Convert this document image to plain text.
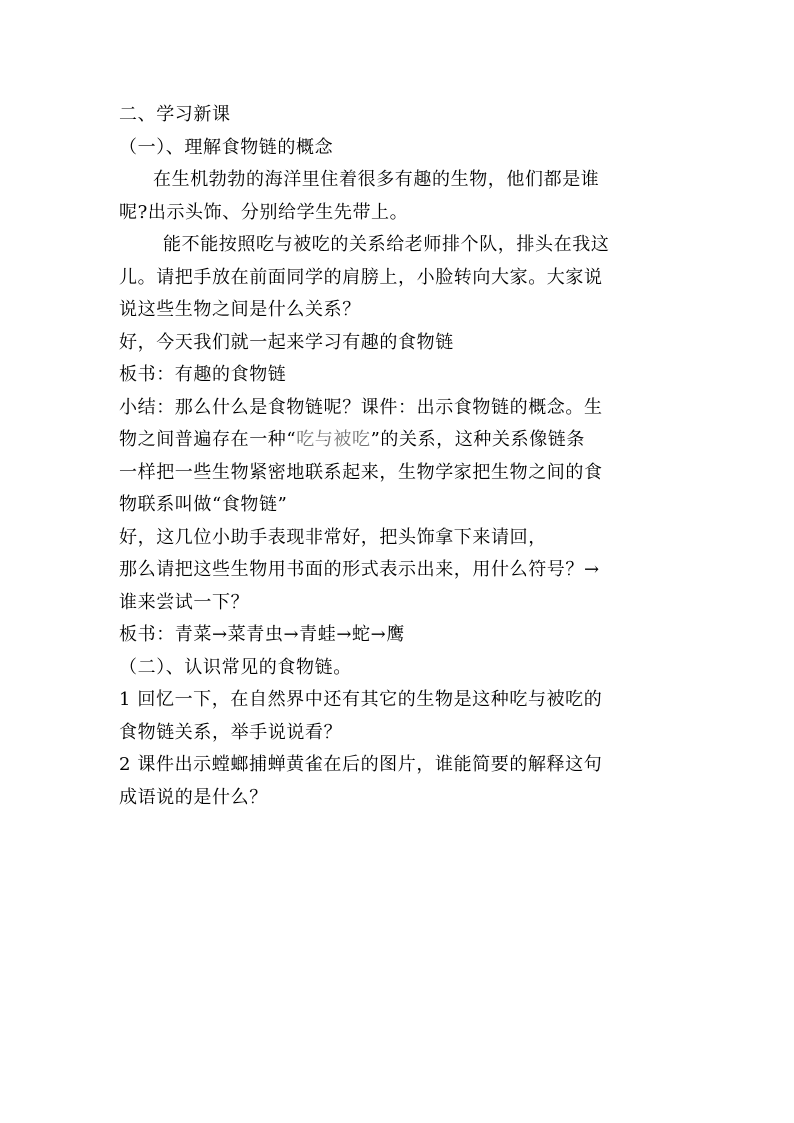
二、学习新课
（一）、理解食物链的概念
在生机勃勃的海洋里住着很多有趣的生物，他们都是谁
呢?出示头饰、分别给学生先带上。
能不能按照吃与被吃的关系给老师排个队，排头在我这
儿。请把手放在前面同学的肩膀上，小脸转向大家。大家说
说这些生物之间是什么关系？
好，今天我们就一起来学习有趣的食物链
板书：有趣的食物链
小结：那么什么是食物链呢？课件：出示食物链的概念。生
物之间普遍存在一种“吃与被吃”的关系，这种关系像链条
一样把一些生物紧密地联系起来，生物学家把生物之间的食
物联系叫做“食物链”
好，这几位小助手表现非常好，把头饰拿下来请回，
那么请把这些生物用书面的形式表示出来，用什么符号？→
谁来尝试一下？
板书：青菜→菜青虫→青蛙→蛇→鹰
（二）、认识常见的食物链。
1 回忆一下，在自然界中还有其它的生物是这种吃与被吃的
食物链关系，举手说说看？
2 课件出示螳螂捕蝉黄雀在后的图片，谁能简要的解释这句
成语说的是什么？
